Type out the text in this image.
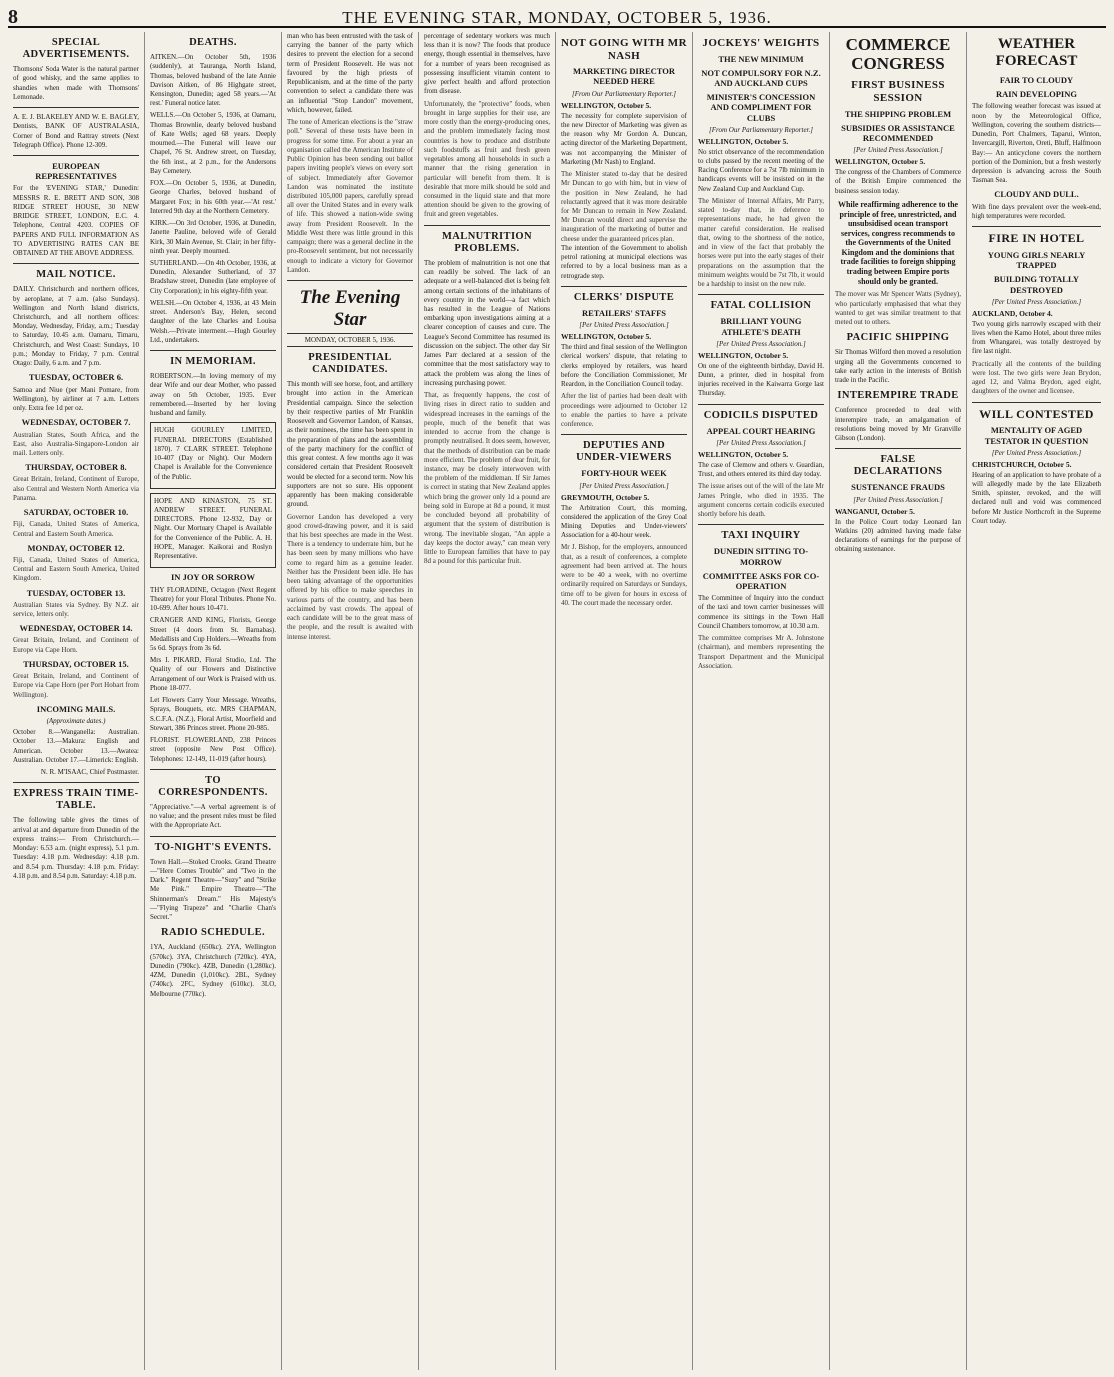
8	THE EVENING STAR, MONDAY, OCTOBER 5, 1936.
SPECIAL ADVERTISEMENTS.

Thomsons' Soda Water is the natural partner of good whisky, and the same applies to shandies when made with Thomsons' Lemonade.

A. E. J. BLAKELEY AND W. E. BAGLEY, Dentists, BANK OF AUSTRALASIA, Corner of Bond and Rattray streets (Next Telegraph Office). Phone 12-309.

EUROPEAN REPRESENTATIVES

For the 'EVENING STAR,' Dunedin: MESSRS R. E. BRETT AND SON, 308 RIDGE STREET HOUSE, 30 NEW BRIDGE STREET, LONDON, E.C. 4. Telephone, Central 4203. COPIES OF PAPERS AND FULL INFORMATION AS TO ADVERTISING RATES CAN BE OBTAINED AT THE ABOVE ADDRESS.

MAIL NOTICE.

DAILY. Christchurch and northern offices, by aeroplane, at 7 a.m. (also Sundays). Wellington and North Island districts, Christchurch, and all northern offices: Monday, Wednesday, Friday, a.m.; Tuesday to Saturday, 10.45 a.m. Oamaru, Timaru, Christchurch, and West Coast: Sundays, 10 p.m.; Monday to Friday, 7 p.m. Central Otago: Daily, 6 a.m. and 7 p.m.

TUESDAY, OCTOBER 6.

Samoa and Niue (per Mani Pomare, from Wellington), by airliner at 7 a.m. Letters only. Extra fee 1d per oz.

WEDNESDAY, OCTOBER 7.

Australian States, South Africa, and the East, also Australia-Singapore-London air mail. Letters only.

THURSDAY, OCTOBER 8.

Great Britain, Ireland, Continent of Europe, also Central and Western North America via Panama.

SATURDAY, OCTOBER 10.

Fiji, Canada, United States of America, Central and Eastern South America.

MONDAY, OCTOBER 12.

Fiji, Canada, United States of America, Central and Eastern South America, United Kingdom.

TUESDAY, OCTOBER 13.

Australian States via Sydney. By N.Z. air service, letters only.

WEDNESDAY, OCTOBER 14.

Great Britain, Ireland, and Continent of Europe via Cape Horn.

THURSDAY, OCTOBER 15.

Great Britain, Ireland, and Continent of Europe via Cape Horn (per Port Hobart from Wellington).

INCOMING MAILS.

(Approximate dates.)

October 8.—Wanganella: Australian. October 13.—Makura: English and American. October 13.—Awatea: Australian. October 17.—Limerick: English.

N. R. M'ISAAC, Chief Postmaster.

EXPRESS TRAIN TIME-TABLE.

The following table gives the times of arrival at and departure from Dunedin of the express trains:— From Christchurch.—Monday: 6.53 a.m. (night express), 5.1 p.m. Tuesday: 4.18 p.m. Wednesday: 4.18 p.m. and 8.54 p.m. Thursday: 4.18 p.m. Friday: 4.18 p.m. and 8.54 p.m. Saturday: 4.18 p.m.

DEATHS.

AITKEN.—On October 5th, 1936 (suddenly), at Tauranga, North Island, Thomas, beloved husband of the late Annie Davison Aitken, of 86 Highgate street, Kensington, Dunedin; aged 58 years.—'At rest.' Funeral notice later.

WELLS.—On October 5, 1936, at Oamaru, Thomas Brownlie, dearly beloved husband of Kate Wells; aged 68 years. Deeply mourned.—The Funeral will leave our Chapel, 76 St. Andrew street, on Tuesday, the 6th inst., at 2 p.m., for the Andersons Bay Cemetery.

FOX.—On October 5, 1936, at Dunedin, George Charles, beloved husband of Margaret Fox; in his 60th year.—'At rest.' Interred 9th day at the Northern Cemetery.

KIRK.—On 3rd October, 1936, at Dunedin, Janette Pauline, beloved wife of Gerald Kirk, 30 Main Avenue, St. Clair; in her fifty-ninth year. Deeply mourned.

SUTHERLAND.—On 4th October, 1936, at Dunedin, Alexander Sutherland, of 37 Bradshaw street, Dunedin (late employee of City Corporation); in his eighty-fifth year.

WELSH.—On October 4, 1936, at 43 Mein street. Anderson's Bay, Helen, second daughter of the late Charles and Louisa Welsh.—Private interment.—Hugh Gourley Ltd., undertakers.

IN MEMORIAM.

ROBERTSON.—In loving memory of my dear Wife and our dear Mother, who passed away on 5th October, 1935. Ever remembered.—Inserted by her loving husband and family.

HUGH GOURLEY LIMITED, FUNERAL DIRECTORS (Established 1870). 7 CLARK STREET. Telephone 10-407 (Day or Night). Our Modern Chapel is Available for the Convenience of the Public.

HOPE AND KINASTON, 75 ST. ANDREW STREET. FUNERAL DIRECTORS. Phone 12-932, Day or Night. Our Mortuary Chapel is Available for the Convenience of the Public. A. H. HOPE, Manager. Kaikorai and Roslyn Representative.

IN JOY OR SORROW

THY FLORADINE, Octagon (Next Regent Theatre) for your Floral Tributes. Phone No. 10-699. After hours 10-471.

CRANGER AND KING, Florists, George Street (4 doors from St. Barnabas). Medallists and Cup Holders.—Wreaths from 5s 6d. Sprays from 3s 6d.

Mrs I. PIKARD, Floral Studio, Ltd. The Quality of our Flowers and Distinctive Arrangement of our Work is Praised with us. Phone 18-077.

Let Flowers Carry Your Message. Wreaths, Sprays, Bouquets, etc. MRS CHAPMAN, S.C.F.A. (N.Z.), Floral Artist, Moorfield and Stewart, 386 Princes street. Phone 20-985.

FLORIST. FLOWERLAND, 238 Princes street (opposite New Post Office). Telephones: 12-149, 11-019 (after hours).

TO CORRESPONDENTS.

"Appreciative."—A verbal agreement is of no value; and the present rules must be filed with the Appropriate Act.

TO-NIGHT'S EVENTS.

Town Hall.—Stoked Crooks. Grand Theatre—"Here Comes Trouble" and "Two in the Dark." Regent Theatre—"Suzy" and "Strike Me Pink." Empire Theatre—"The Shinnerman's Dream." His Majesty's—"Flying Trapeze" and "Charlie Chan's Secret."

RADIO SCHEDULE.

1YA, Auckland (650kc). 2YA, Wellington (570kc). 3YA, Christchurch (720kc). 4YA, Dunedin (790kc). 4ZB, Dunedin (1,280kc). 4ZM, Dunedin (1,010kc). 2BL, Sydney (740kc). 2FC, Sydney (610kc). 3LO, Melbourne (770kc).

man who has been entrusted with the task of carrying the banner of the party which desires to prevent the election for a second term of President Roosevelt. He was not favoured by the high priests of Republicanism, and at the time of the party convention to select a candidate there was an influential "Stop Landon" movement, which, however, failed.

The tone of American elections is the "straw poll." Several of these tests have been in progress for some time. For about a year an organisation called the American Institute of Public Opinion has been sending out ballot papers inviting people's views on every sort of subject. Immediately after Governor Landon was nominated the institute distributed 105,000 papers, carefully spread all over the United States and in every walk of life. This showed a nation-wide swing away from President Roosevelt. In the Middle West there was little ground in this campaign; there was a general decline in the pro-Roosevelt sentiment, but not necessarily enough to indicate a victory for Governor Landon.

The Evening Star
MONDAY, OCTOBER 5, 1936.
PRESIDENTIAL CANDIDATES.

This month will see horse, foot, and artillery brought into action in the American Presidential campaign. Since the selection by their respective parties of Mr Franklin Roosevelt and Governor Landon, of Kansas, as their nominees, the time has been spent in the preparation of plans and the assembling of the party machinery for the conflict of this great contest. A few months ago it was considered certain that President Roosevelt would be elected for a second term. Now his supporters are not so sure. His opponent apparently has been making considerable ground.

Governor Landon has developed a very good crowd-drawing power, and it is said that his best speeches are made in the West. There is a tendency to underrate him, but he has been seen by many millions who have come to regard him as a genuine leader. Neither has the President been idle. He has been taking advantage of the opportunities offered by his office to make speeches in various parts of the country, and has been acclaimed by vast crowds. The appeal of each candidate will be to the great mass of the people, and the result is awaited with intense interest.

percentage of sedentary workers was much less than it is now? The foods that produce energy, though essential in themselves, have for a number of years been recognised as possessing insufficient vitamin content to give perfect health and afford protection from disease.

Unfortunately, the "protective" foods, when brought in large supplies for their use, are more costly than the energy-producing ones, and the problem immediately facing most countries is how to produce and distribute such foodstuffs as fruit and fresh green vegetables among all households in such a manner that the rising generation in particular will benefit from them. It is desirable that more milk should be sold and consumed in the liquid state and that more attention should be given to the growing of fruit and green vegetables.

MALNUTRITION PROBLEMS.

The problem of malnutrition is not one that can readily be solved. The lack of an adequate or a well-balanced diet is being felt among certain sections of the inhabitants of every country in the world—a fact which has resulted in the League of Nations embarking upon investigations aiming at a clearer conception of causes and cure. The League's Second Committee has resumed its discussion on the subject. The other day Sir James Parr declared at a session of the committee that the most satisfactory way to attack the problem was along the lines of increasing purchasing power.

That, as frequently happens, the cost of living rises in direct ratio to sudden and widespread increases in the earnings of the people, much of the benefit that was intended to accrue from the change is promptly neutralised. It does seem, however, that the methods of distribution can be made more efficient. The problem of dear fruit, for instance, may be closely interwoven with the problem of the middleman. If Sir James is correct in stating that New Zealand apples which bring the grower only 1d a pound are being sold in Europe at 8d a pound, it must be concluded beyond all probability of argument that the system of distribution is wrong. The inevitable slogan, "An apple a day keeps the doctor away," can mean very little to European families that have to pay 8d a pound for this particular fruit.

NOT GOING WITH MR NASH
MARKETING DIRECTOR NEEDED HERE

[From Our Parliamentary Reporter.]

WELLINGTON, October 5.

The necessity for complete supervision of the new Director of Marketing was given as the reason why Mr Gordon A. Duncan, acting director of the Marketing Department, was not accompanying the Minister of Marketing (Mr Nash) to England.

The Minister stated to-day that he desired Mr Duncan to go with him, but in view of the position in New Zealand, he had reluctantly agreed that it was more desirable for Mr Duncan to remain in New Zealand. Mr Duncan would direct and supervise the inauguration of the marketing of butter and cheese under the guaranteed prices plan.

The intention of the Government to abolish petrol rationing at municipal elections was referred to by a local business man as a retrograde step.

CLERKS' DISPUTE
RETAILERS' STAFFS

[Per United Press Association.]

WELLINGTON, October 5.

The third and final session of the Wellington clerical workers' dispute, that relating to clerks employed by retailers, was heard before the Conciliation Commissioner, Mr Reardon, in the Conciliation Council today.

After the list of parties had been dealt with proceedings were adjourned to October 12 to enable the parties to have a private conference.

DEPUTIES AND UNDER-VIEWERS
FORTY-HOUR WEEK

[Per United Press Association.]

GREYMOUTH, October 5.

The Arbitration Court, this morning, considered the application of the Grey Coal Mining Deputies and Under-viewers' Association for a 40-hour week.

Mr J. Bishop, for the employers, announced that, as a result of conferences, a complete agreement had been arrived at. The hours were to be 40 a week, with no overtime ordinarily required on Saturdays or Sundays, time off to be given for hours in excess of 40. The court made the necessary order.

JOCKEYS' WEIGHTS
THE NEW MINIMUM
NOT COMPULSORY FOR N.Z. AND AUCKLAND CUPS
MINISTER'S CONCESSION AND COMPLIMENT FOR CLUBS

[From Our Parliamentary Reporter.]

WELLINGTON, October 5.

No strict observance of the recommendation to clubs passed by the recent meeting of the Racing Conference for a 7st 7lb minimum in handicaps events will be insisted on in the New Zealand Cup and Auckland Cup.

The Minister of Internal Affairs, Mr Parry, stated to-day that, in deference to representations made, he had given the matter careful consideration. He realised that, owing to the shortness of the notice, and in view of the fact that probably the horses were put into the early stages of their preparations on the assumption that the minimum weights would be 7st 7lb, it would be a hardship to insist on the new rule.

FATAL COLLISION
BRILLIANT YOUNG ATHLETE'S DEATH

[Per United Press Association.]

WELLINGTON, October 5.

On one of the eighteenth birthday, David H. Dunn, a printer, died in hospital from injuries received in the Kaiwarra Gorge last Thursday.

CODICILS DISPUTED
APPEAL COURT HEARING

[Per United Press Association.]

WELLINGTON, October 5.

The case of Clemow and others v. Guardian, Trust, and others entered its third day today.

The issue arises out of the will of the late Mr James Pringle, who died in 1935. The argument concerns certain codicils executed shortly before his death.

TAXI INQUIRY
DUNEDIN SITTING TO-MORROW
COMMITTEE ASKS FOR CO-OPERATION

The Committee of Inquiry into the conduct of the taxi and town carrier businesses will commence its sittings in the Town Hall Council Chambers tomorrow, at 10.30 a.m.

The committee comprises Mr A. Johnstone (chairman), and members representing the Transport Department and the Municipal Association.

COMMERCE CONGRESS
FIRST BUSINESS SESSION
THE SHIPPING PROBLEM
SUBSIDIES OR ASSISTANCE RECOMMENDED

[Per United Press Association.]

WELLINGTON, October 5.

The congress of the Chambers of Commerce of the British Empire commenced the business session today.

While reaffirming adherence to the principle of free, unrestricted, and unsubsidised ocean transport services, congress recommends to the Governments of the United Kingdom and the dominions that trade facilities to foreign shipping trading between Empire ports should only be granted.

The mover was Mr Spencer Watts (Sydney), who particularly emphasised that what they wanted to get was similar treatment to that meted out to others.

PACIFIC SHIPPING

Sir Thomas Wilford then moved a resolution urging all the Governments concerned to take early action in the interests of British trade in the Pacific.

INTEREMPIRE TRADE

Conference proceeded to deal with interempire trade, an amalgamation of resolutions being moved by Mr Granville Gibson (London).

FALSE DECLARATIONS
SUSTENANCE FRAUDS

[Per United Press Association.]

WANGANUI, October 5.

In the Police Court today Leonard Ian Watkins (20) admitted having made false declarations of earnings for the purpose of obtaining sustenance.

WEATHER FORECAST
FAIR TO CLOUDY
RAIN DEVELOPING

The following weather forecast was issued at noon by the Meteorological Office, Wellington, covering the southern districts—Dunedin, Port Chalmers, Taparui, Winton, Invercargill, Riverton, Oreti, Bluff, Halfmoon Bay:— An anticyclone covers the northern portion of the Dominion, but a fresh westerly depression is advancing across the South Tasman Sea.

CLOUDY AND DULL.

With fine days prevalent over the week-end, high temperatures were recorded.

FIRE IN HOTEL
YOUNG GIRLS NEARLY TRAPPED
BUILDING TOTALLY DESTROYED

[Per United Press Association.]

AUCKLAND, October 4.

Two young girls narrowly escaped with their lives when the Kamo Hotel, about three miles from Whangarei, was totally destroyed by fire last night.

Practically all the contents of the building were lost. The two girls were Jean Brydon, aged 12, and Valma Brydon, aged eight, daughters of the owner and licensee.

WILL CONTESTED
MENTALITY OF AGED TESTATOR IN QUESTION

[Per United Press Association.]

CHRISTCHURCH, October 5.

Hearing of an application to have probate of a will allegedly made by the late Elizabeth Smith, spinster, revoked, and the will declared null and void was commenced before Mr Justice Northcroft in the Supreme Court today.
